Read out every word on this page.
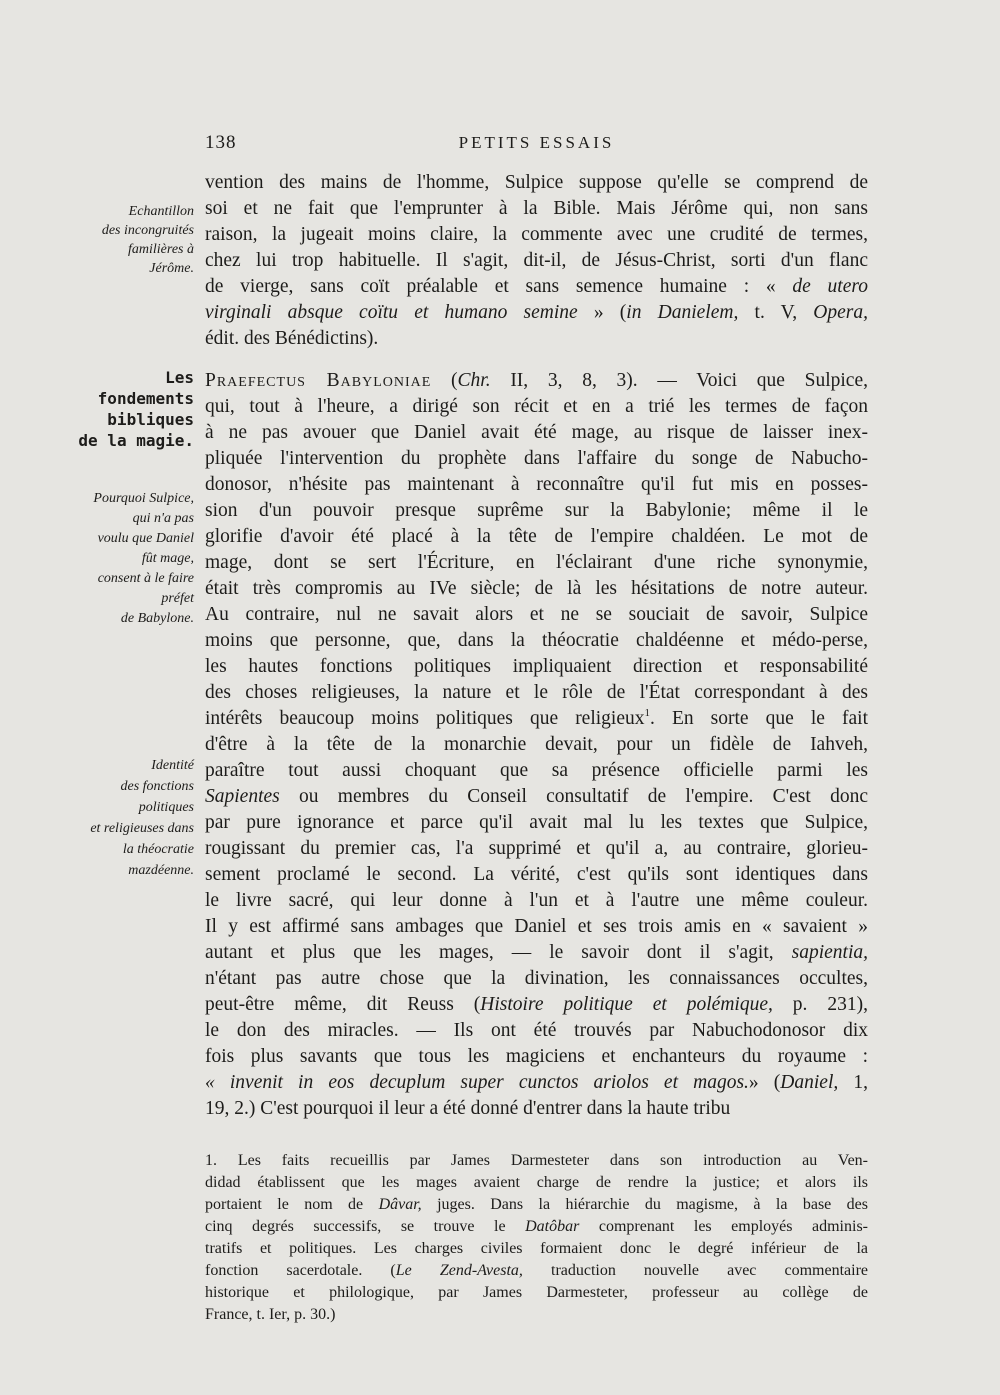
138	PETITS ESSAIS
Echantillon
des incongruités
familières à
Jérôme.
Les
fondements
bibliques
de la magie.
Pourquoi Sulpice,
qui n'a pas
voulu que Daniel
fût mage,
consent à le faire
préfet
de Babylone.
Identité
des fonctions
politiques
et religieuses dans
la théocratie
mazdéenne.
vention des mains de l'homme, Sulpice suppose qu'elle se comprend de
soi et ne fait que l'emprunter à la Bible. Mais Jérôme qui, non sans
raison, la jugeait moins claire, la commente avec une crudité de termes,
chez lui trop habituelle. Il s'agit, dit-il, de Jésus-Christ, sorti d'un flanc
de vierge, sans coït préalable et sans semence humaine : « de utero
virginali absque coïtu et humano semine » (in Danielem, t. V, Opera,
édit. des Bénédictins).
Praefectus Babyloniae (Chr. II, 3, 8, 3). — Voici que Sulpice,
qui, tout à l'heure, a dirigé son récit et en a trié les termes de façon
à ne pas avouer que Daniel avait été mage, au risque de laisser inex-
pliquée l'intervention du prophète dans l'affaire du songe de Nabucho-
donosor, n'hésite pas maintenant à reconnaître qu'il fut mis en posses-
sion d'un pouvoir presque suprême sur la Babylonie; même il le
glorifie d'avoir été placé à la tête de l'empire chaldéen. Le mot de
mage, dont se sert l'Écriture, en l'éclairant d'une riche synonymie,
était très compromis au IVe siècle; de là les hésitations de notre auteur.
Au contraire, nul ne savait alors et ne se souciait de savoir, Sulpice
moins que personne, que, dans la théocratie chaldéenne et médo-perse,
les hautes fonctions politiques impliquaient direction et responsabilité
des choses religieuses, la nature et le rôle de l'État correspondant à des
intérêts beaucoup moins politiques que religieux$^1$. En sorte que le fait
d'être à la tête de la monarchie devait, pour un fidèle de Iahveh,
paraître tout aussi choquant que sa présence officielle parmi les
Sapientes ou membres du Conseil consultatif de l'empire. C'est donc
par pure ignorance et parce qu'il avait mal lu les textes que Sulpice,
rougissant du premier cas, l'a supprimé et qu'il a, au contraire, glorieu-
sement proclamé le second. La vérité, c'est qu'ils sont identiques dans
le livre sacré, qui leur donne à l'un et à l'autre une même couleur.
Il y est affirmé sans ambages que Daniel et ses trois amis en « savaient »
autant et plus que les mages, — le savoir dont il s'agit, sapientia,
n'étant pas autre chose que la divination, les connaissances occultes,
peut-être même, dit Reuss (Histoire politique et polémique, p. 231),
le don des miracles. — Ils ont été trouvés par Nabuchodonosor dix
fois plus savants que tous les magiciens et enchanteurs du royaume :
« invenit in eos decuplum super cunctos ariolos et magos.» (Daniel, 1,
19, 2.) C'est pourquoi il leur a été donné d'entrer dans la haute tribu
1. Les faits recueillis par James Darmesteter dans son introduction au Ven-
didad établissent que les mages avaient charge de rendre la justice; et alors ils
portaient le nom de Dâvar, juges. Dans la hiérarchie du magisme, à la base des
cinq degrés successifs, se trouve le Datôbar comprenant les employés adminis-
tratifs et politiques. Les charges civiles formaient donc le degré inférieur de la
fonction sacerdotale. (Le Zend-Avesta, traduction nouvelle avec commentaire
historique et philologique, par James Darmesteter, professeur au collège de
France, t. Ier, p. 30.)
